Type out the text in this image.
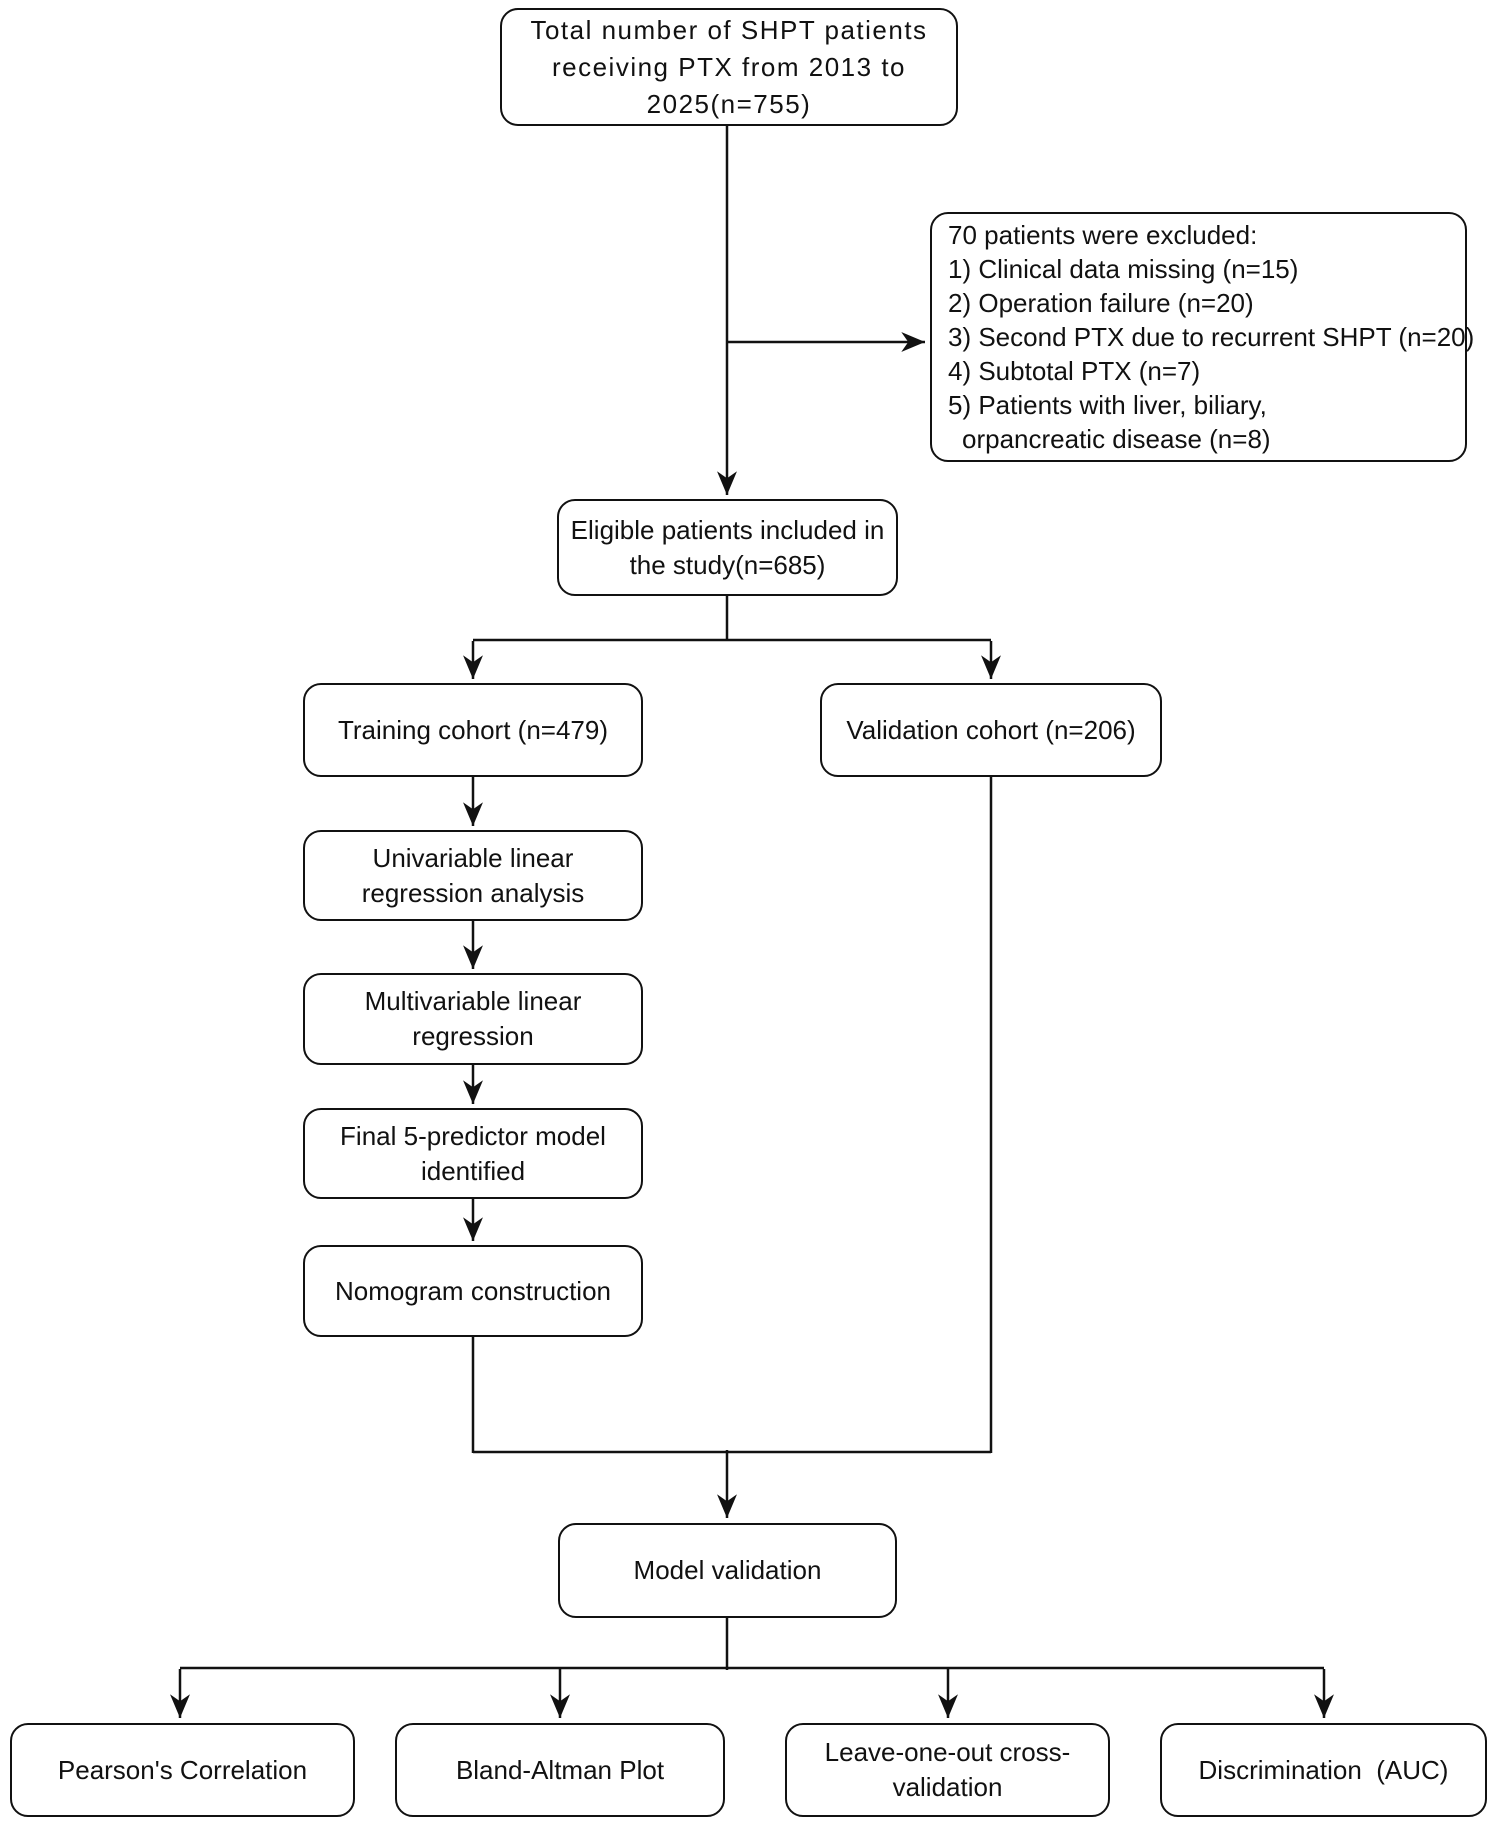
Total number of SHPT patients
receiving PTX from 2013 to
2025(n=755)
70 patients were excluded:
1) Clinical data missing (n=15)
2) Operation failure (n=20)
3) Second PTX due to recurrent SHPT (n=20)
4) Subtotal PTX (n=7)
5) Patients with liver, biliary,
orpancreatic disease (n=8)
Eligible patients included in
the study(n=685)
Training cohort (n=479)	Validation cohort (n=206)
Univariable linear
regression analysis
Multivariable linear
regression
Final 5-predictor model
identified
Nomogram construction
Model validation
Pearson's Correlation	Bland-Altman Plot
Leave-one-out cross-
validation
Discrimination  (AUC)
